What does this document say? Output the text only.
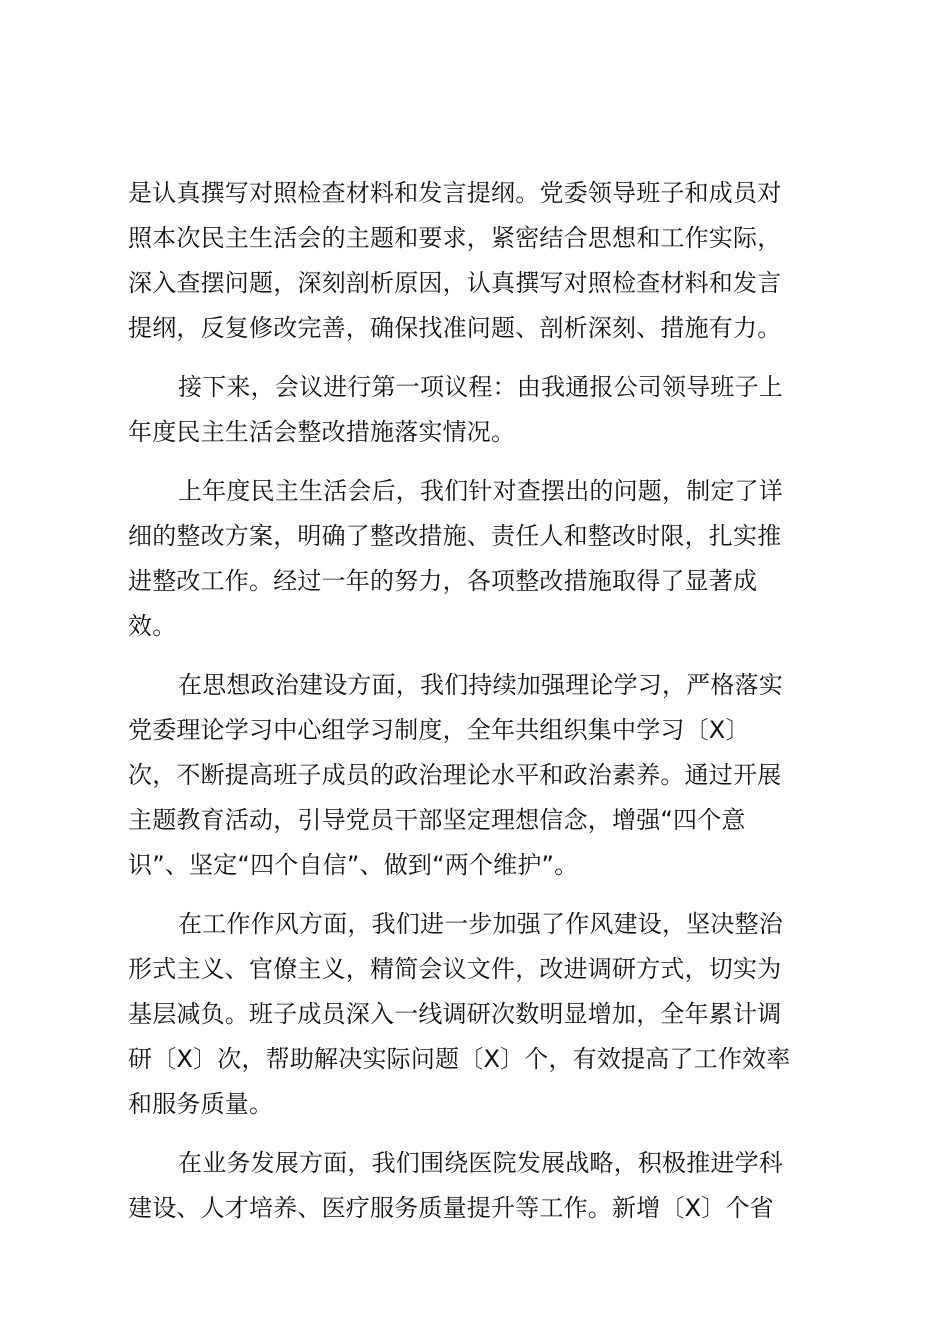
是认真撰写对照检查材料和发言提纲。党委领导班子和成员对
照本次民主生活会的主题和要求，紧密结合思想和工作实际，
深入查摆问题，深刻剖析原因，认真撰写对照检查材料和发言
提纲，反复修改完善，确保找准问题、剖析深刻、措施有力。
接下来，会议进行第一项议程：由我通报公司领导班子上
年度民主生活会整改措施落实情况。
上年度民主生活会后，我们针对查摆出的问题，制定了详
细的整改方案，明确了整改措施、责任人和整改时限，扎实推
进整改工作。经过一年的努力，各项整改措施取得了显著成
效。
在思想政治建设方面，我们持续加强理论学习，严格落实
党委理论学习中心组学习制度，全年共组织集中学习〔X〕
次，不断提高班子成员的政治理论水平和政治素养。通过开展
主题教育活动，引导党员干部坚定理想信念，增强“四个意
识”、坚定“四个自信”、做到“两个维护”。
在工作作风方面，我们进一步加强了作风建设，坚决整治
形式主义、官僚主义，精简会议文件，改进调研方式，切实为
基层减负。班子成员深入一线调研次数明显增加，全年累计调
研〔X〕次，帮助解决实际问题〔X〕个，有效提高了工作效率
和服务质量。
在业务发展方面，我们围绕医院发展战略，积极推进学科
建设、人才培养、医疗服务质量提升等工作。新增〔X〕个省
